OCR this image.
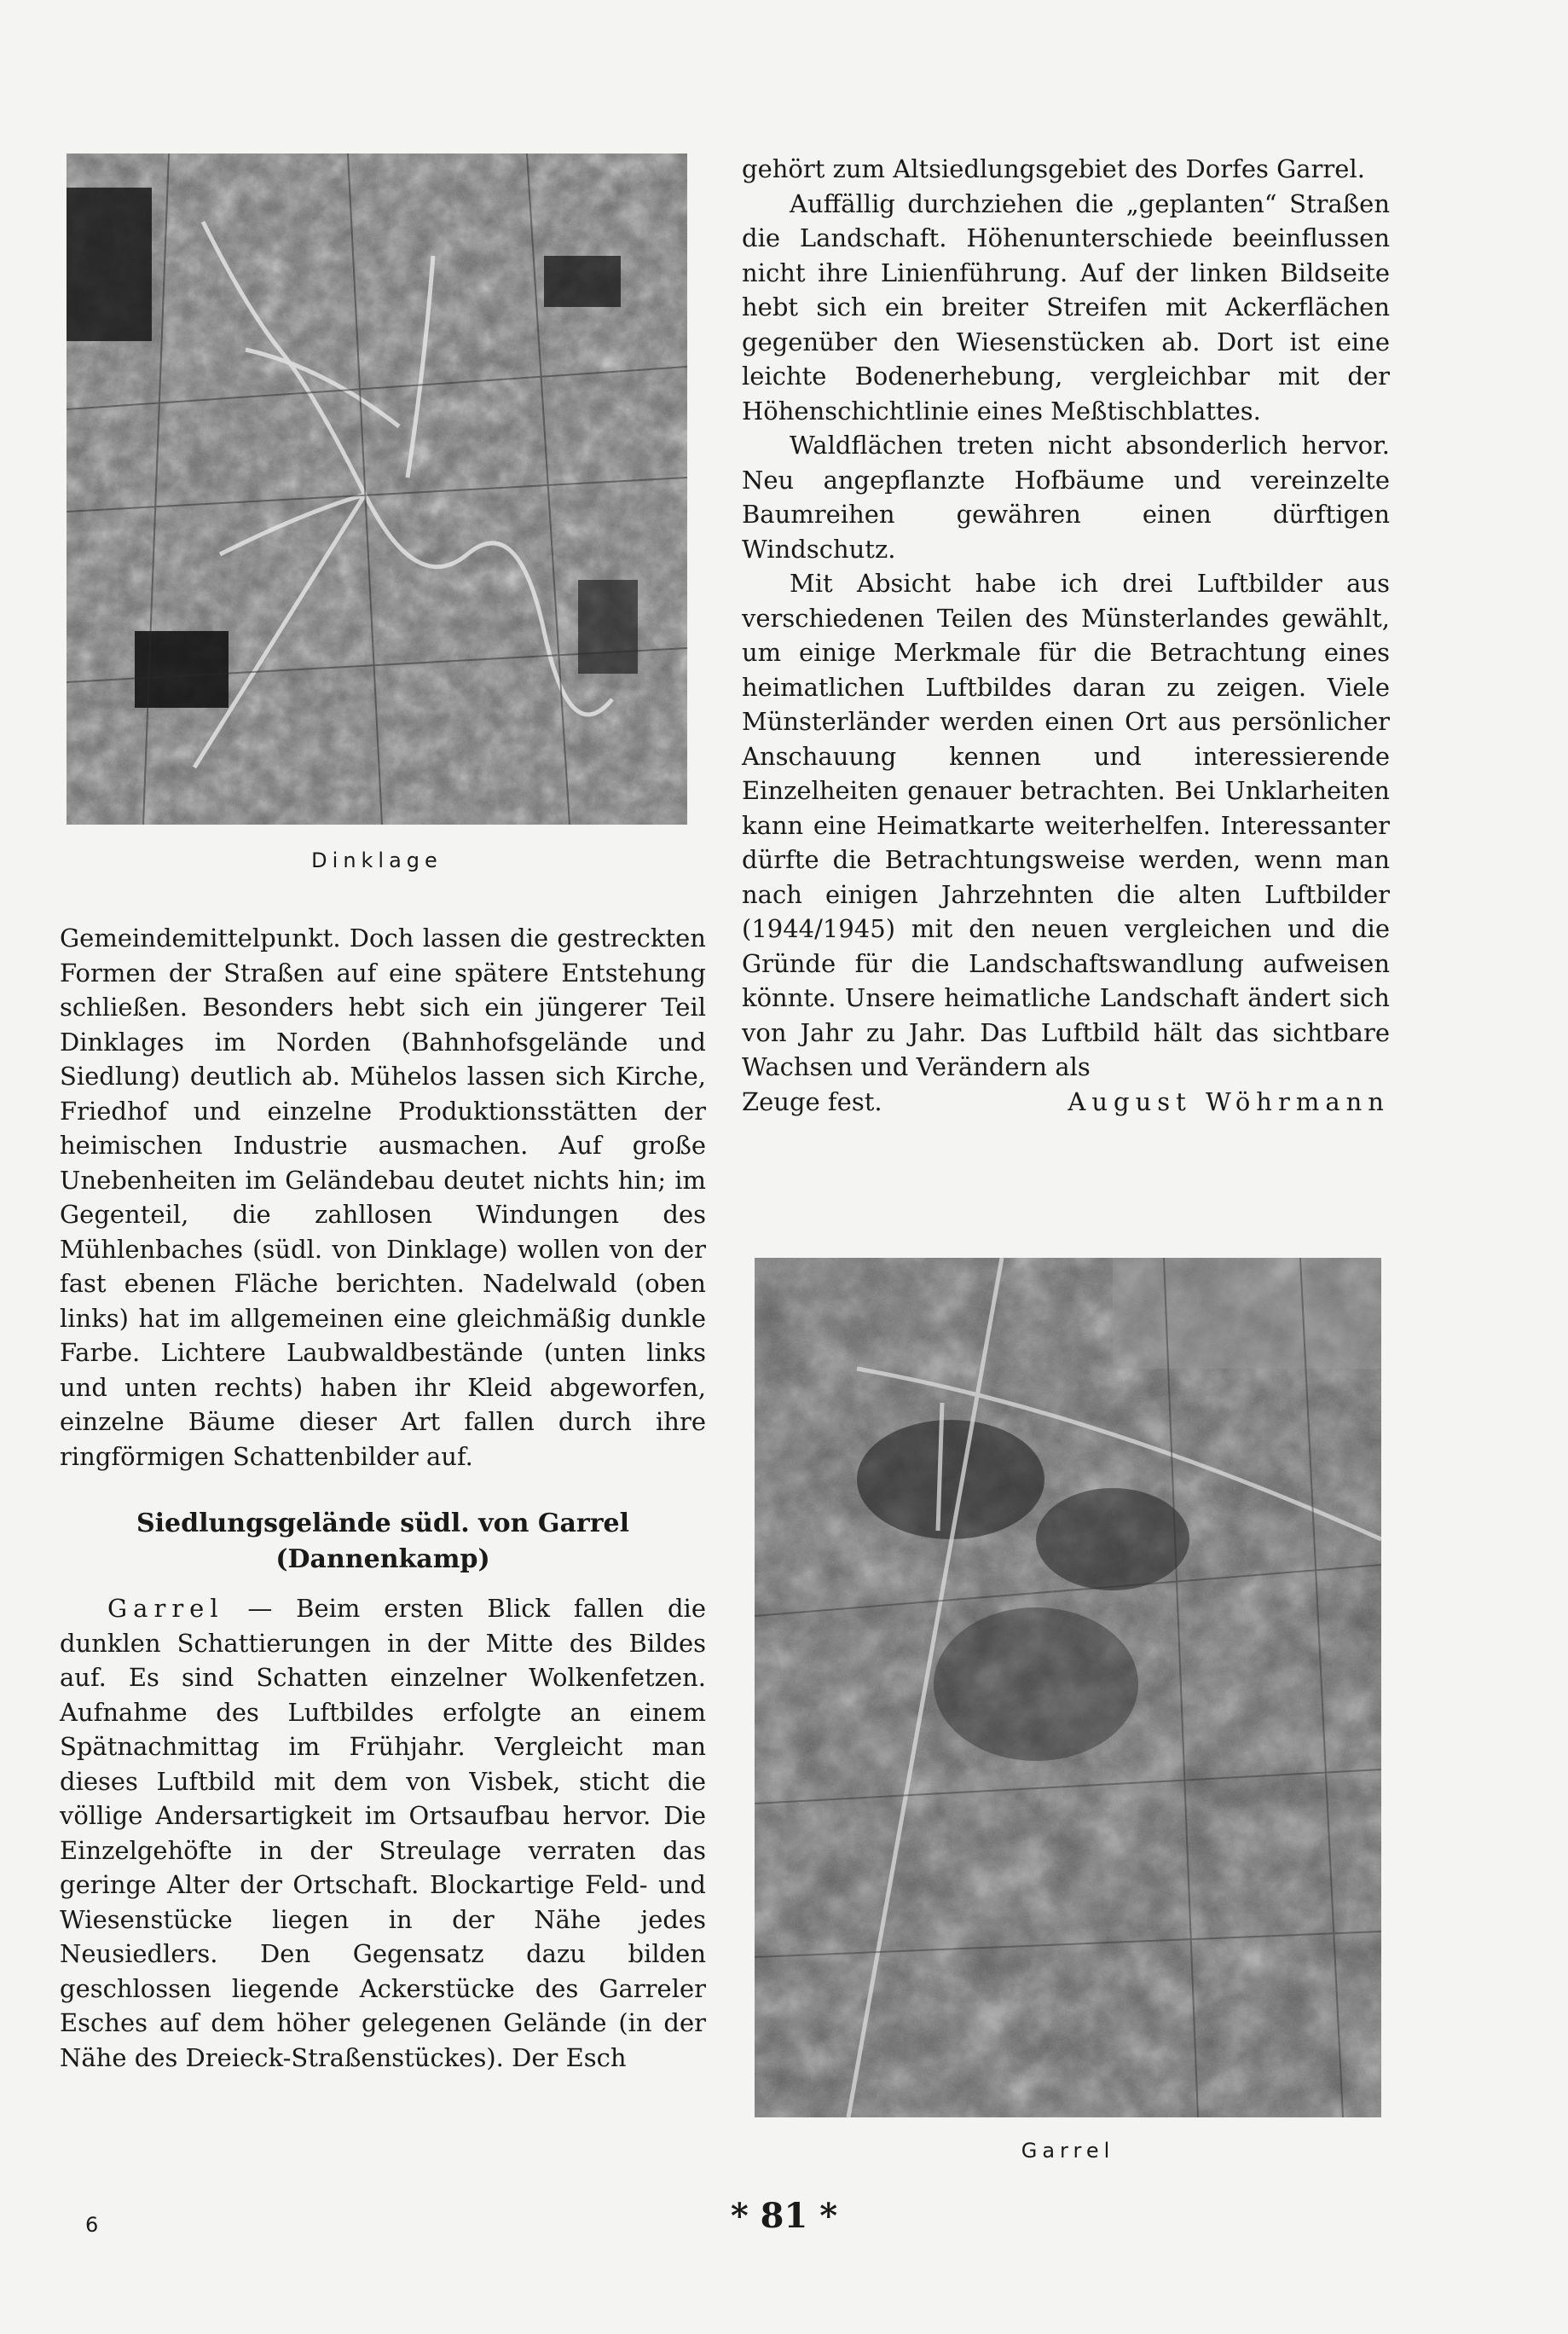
Dinklage

Gemeindemittelpunkt. Doch lassen die gestreckten Formen der Straßen auf eine spätere Entstehung schließen. Besonders hebt sich ein jüngerer Teil Dinklages im Norden (Bahnhofsgelände und Siedlung) deutlich ab. Mühelos lassen sich Kirche, Friedhof und einzelne Produktionsstätten der heimischen Industrie ausmachen. Auf große Unebenheiten im Geländebau deutet nichts hin; im Gegenteil, die zahllosen Windungen des Mühlenbaches (südl. von Dinklage) wollen von der fast ebenen Fläche berichten. Nadelwald (oben links) hat im allgemeinen eine gleichmäßig dunkle Farbe. Lichtere Laubwaldbestände (unten links und unten rechts) haben ihr Kleid abgeworfen, einzelne Bäume dieser Art fallen durch ihre ringförmigen Schattenbilder auf.

Siedlungsgelände südl. von Garrel
(Dannenkamp)

Garrel — Beim ersten Blick fallen die dunklen Schattierungen in der Mitte des Bildes auf. Es sind Schatten einzelner Wolkenfetzen. Aufnahme des Luftbildes erfolgte an einem Spätnachmittag im Frühjahr. Vergleicht man dieses Luftbild mit dem von Visbek, sticht die völlige Andersartigkeit im Ortsaufbau hervor. Die Einzelgehöfte in der Streulage verraten das geringe Alter der Ortschaft. Blockartige Feld- und Wiesenstücke liegen in der Nähe jedes Neusiedlers. Den Gegensatz dazu bilden geschlossen liegende Ackerstücke des Garreler Esches auf dem höher gelegenen Gelände (in der Nähe des Dreieck-Straßenstückes). Der Esch

gehört zum Altsiedlungsgebiet des Dorfes Garrel.

Auffällig durchziehen die „geplanten“ Straßen die Landschaft. Höhenunterschiede beeinflussen nicht ihre Linienführung. Auf der linken Bildseite hebt sich ein breiter Streifen mit Ackerflächen gegenüber den Wiesenstücken ab. Dort ist eine leichte Bodenerhebung, vergleichbar mit der Höhenschichtlinie eines Meßtischblattes.

Waldflächen treten nicht absonderlich hervor. Neu angepflanzte Hofbäume und vereinzelte Baumreihen gewähren einen dürftigen Windschutz.

Mit Absicht habe ich drei Luftbilder aus verschiedenen Teilen des Münsterlandes gewählt, um einige Merkmale für die Betrachtung eines heimatlichen Luftbildes daran zu zeigen. Viele Münsterländer werden einen Ort aus persönlicher Anschauung kennen und interessierende Einzelheiten genauer betrachten. Bei Unklarheiten kann eine Heimatkarte weiterhelfen. Interessanter dürfte die Betrachtungsweise werden, wenn man nach einigen Jahrzehnten die alten Luftbilder (1944/1945) mit den neuen vergleichen und die Gründe für die Landschaftswandlung aufweisen könnte. Unsere heimatliche Landschaft ändert sich von Jahr zu Jahr. Das Luftbild hält das sichtbare Wachsen und Verändern als

Zeuge fest.	August Wöhrmann
Garrel
6	* 81 *
